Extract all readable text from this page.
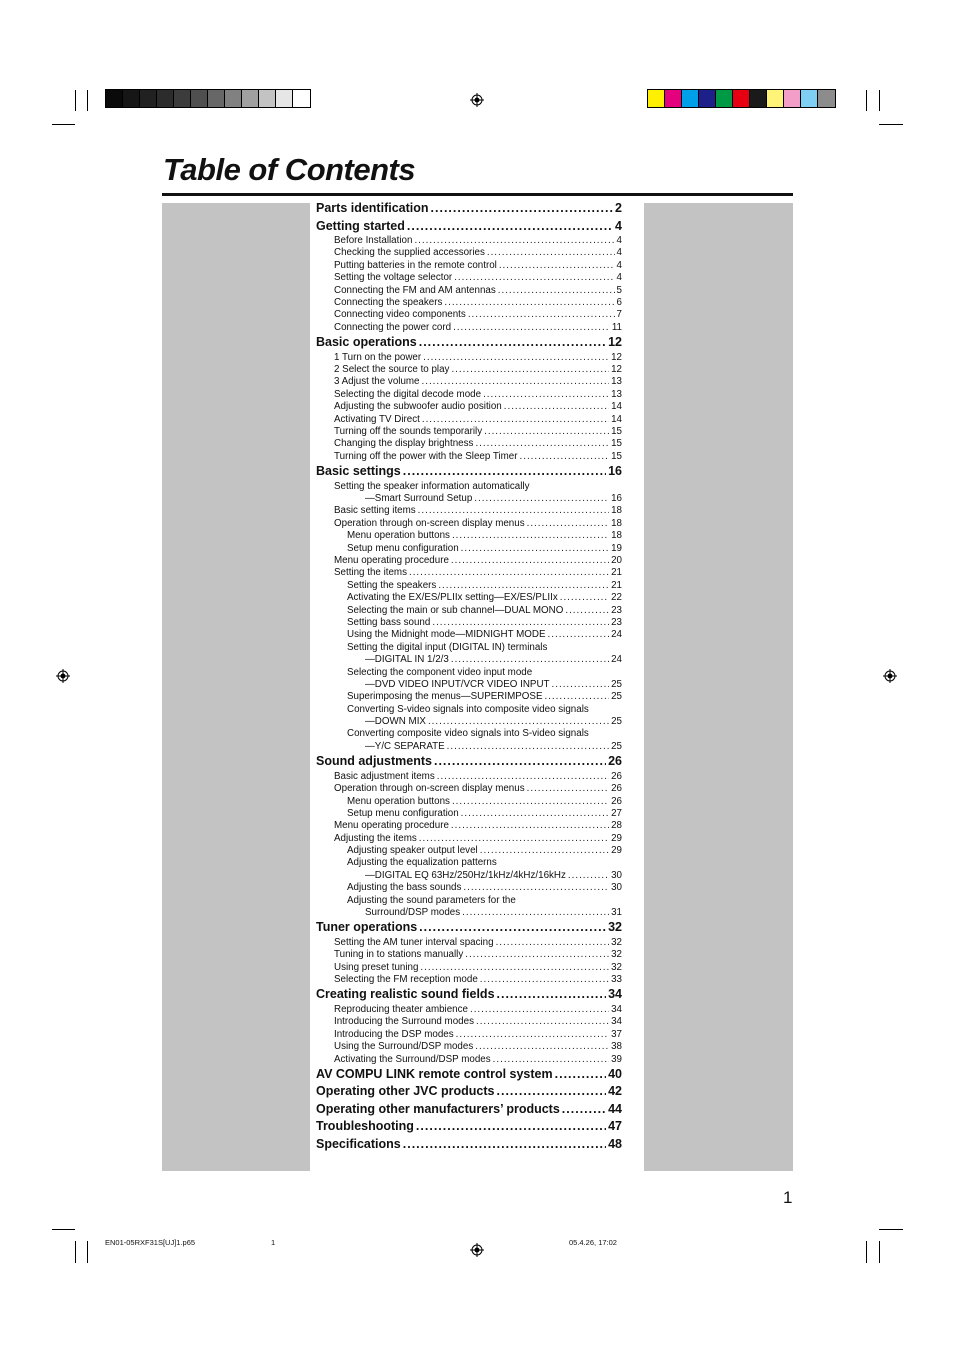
Table of Contents
Parts identification .....	2
Getting started .....	4
Before Installation .....	4
Checking the supplied accessories .....	4
Putting batteries in the remote control .....	4
Setting the voltage selector .....	4
Connecting the FM and AM antennas .....	5
Connecting the speakers .....	6
Connecting video components .....	7
Connecting the power cord .....	11
Basic operations .....	12
1 Turn on the power .....	12
2 Select the source to play .....	12
3 Adjust the volume .....	13
Selecting the digital decode mode .....	13
Adjusting the subwoofer audio position .....	14
Activating TV Direct .....	14
Turning off the sounds temporarily .....	15
Changing the display brightness .....	15
Turning off the power with the Sleep Timer .....	15
Basic settings .....	16
Setting the speaker information automatically
—Smart Surround Setup .....	16
Basic setting items .....	18
Operation through on-screen display menus .....	18
Menu operation buttons .....	18
Setup menu configuration .....	19
Menu operating procedure .....	20
Setting the items .....	21
Setting the speakers .....	21
Activating the EX/ES/PLIIx setting—EX/ES/PLIIx .....	22
Selecting the main or sub channel—DUAL MONO .....	23
Setting bass sound .....	23
Using the Midnight mode—MIDNIGHT MODE .....	24
Setting the digital input (DIGITAL IN) terminals
—DIGITAL IN 1/2/3 .....	24
Selecting the component video input mode
—DVD VIDEO INPUT/VCR VIDEO INPUT .....	25
Superimposing the menus—SUPERIMPOSE .....	25
Converting S-video signals into composite video signals
—DOWN MIX .....	25
Converting composite video signals into S-video signals
—Y/C SEPARATE .....	25
Sound adjustments .....	26
Basic adjustment items .....	26
Operation through on-screen display menus .....	26
Menu operation buttons .....	26
Setup menu configuration .....	27
Menu operating procedure .....	28
Adjusting the items .....	29
Adjusting speaker output level .....	29
Adjusting the equalization patterns
—DIGITAL EQ 63Hz/250Hz/1kHz/4kHz/16kHz .....	30
Adjusting the bass sounds .....	30
Adjusting the sound parameters for the
Surround/DSP modes .....	31
Tuner operations .....	32
Setting the AM tuner interval spacing .....	32
Tuning in to stations manually .....	32
Using preset tuning .....	32
Selecting the FM reception mode .....	33
Creating realistic sound fields .....	34
Reproducing theater ambience .....	34
Introducing the Surround modes .....	34
Introducing the DSP modes .....	37
Using the Surround/DSP modes .....	38
Activating the Surround/DSP modes .....	39
AV COMPU LINK remote control system .....	40
Operating other JVC products .....	42
Operating other manufacturers’ products .....	44
Troubleshooting .....	47
Specifications .....	48
1
EN01-05RXF31S[UJ]1.p65	1	05.4.26, 17:02
